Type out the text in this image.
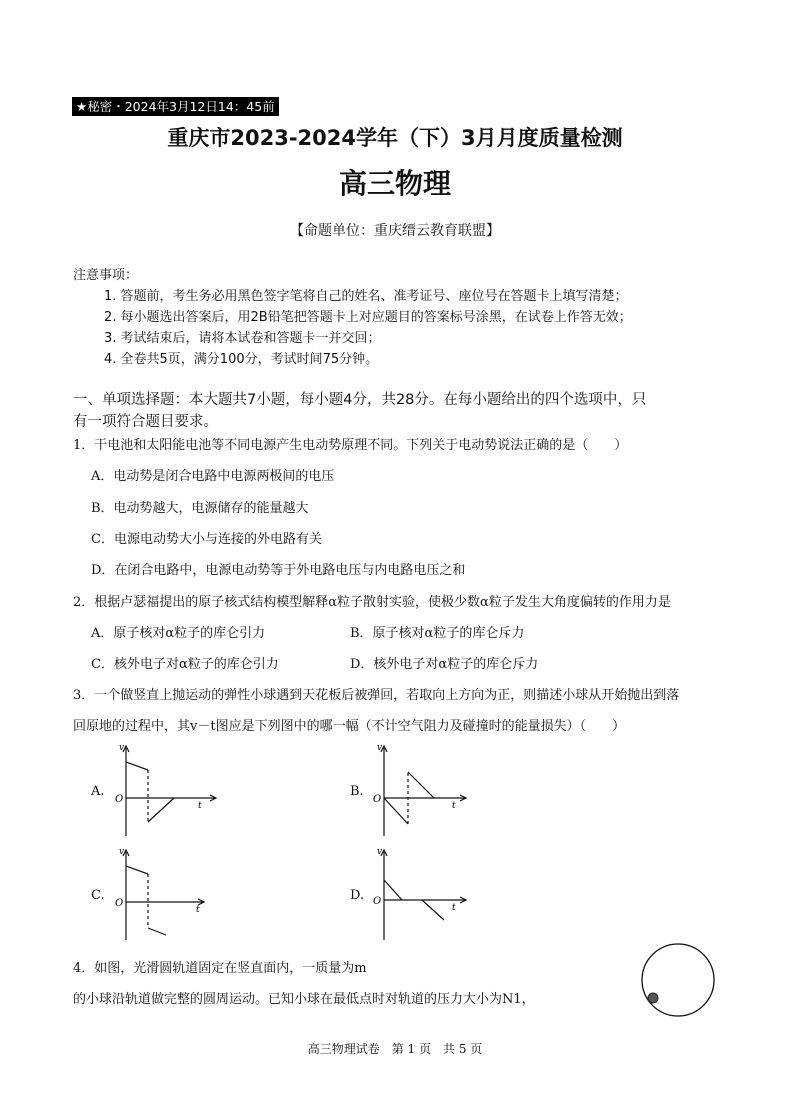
★秘密・2024年3月12日14：45前
重庆市2023-2024学年（下）3月月度质量检测
高三物理
【命题单位：重庆缙云教育联盟】
注意事项：
1. 答题前，考生务必用黑色签字笔将自己的姓名、准考证号、座位号在答题卡上填写清楚；
2. 每小题选出答案后，用2B铅笔把答题卡上对应题目的答案标号涂黑，在试卷上作答无效；
3. 考试结束后，请将本试卷和答题卡一并交回；
4. 全卷共5页，满分100分，考试时间75分钟。
一、单项选择题：本大题共7小题，每小题4分，共28分。在每小题给出的四个选项中，只
有一项符合题目要求。
1．干电池和太阳能电池等不同电源产生电动势原理不同。下列关于电动势说法正确的是（　　）
A．电动势是闭合电路中电源两极间的电压
B．电动势越大，电源储存的能量越大
C．电源电动势大小与连接的外电路有关
D．在闭合电路中，电源电动势等于外电路电压与内电路电压之和
2．根据卢瑟福提出的原子核式结构模型解释α粒子散射实验，使极少数α粒子发生大角度偏转的作用力是
A．原子核对α粒子的库仑引力	B．原子核对α粒子的库仑斥力
C．核外电子对α粒子的库仑引力	D．核外电子对α粒子的库仑斥力
3．一个做竖直上抛运动的弹性小球遇到天花板后被弹回，若取向上方向为正，则描述小球从开始抛出到落
回原地的过程中，其v－t图应是下列图中的哪一幅（不计空气阻力及碰撞时的能量损失）（　　）
A.
v
O
t
B.
v
O
t
C.
v
O
t
D.
v
O
t
4．如图，光滑圆轨道固定在竖直面内，一质量为m
的小球沿轨道做完整的圆周运动。已知小球在最低点时对轨道的压力大小为N1，
高三物理试卷　第 1 页　共 5 页
